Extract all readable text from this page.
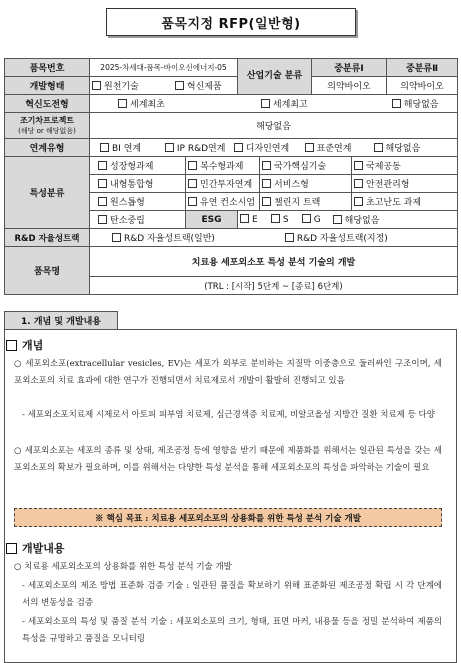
품목지정 RFP(일반형)
품목번호	2025-차세대-품목-바이오신에너지-05		산업기술 분류		중분류Ⅰ		중분류Ⅱ
개발형태	원천기술 혁신제품				의약바이오		의약바이오
혁신도전형	세계최초 세계최고 해당없음						
조기차프로젝트
(해당 or 해당없음)	해당없음						
연계유형	BI 연계 IP R&D연계 디자인연계 표준연계 해당없음						
특성분류	성장형과제	복수형과제		국가핵심기술		국제공동	
	내형통합형	민간투자연계		서비스형		안전관리형	
	원스톱형	유연 컨소시엄		챌린지 트랙		초고난도 과제	
	탄소중립	ESG	E S G 해당없음				
R&D 자율성트랙	R&D 자율성트랙(일반) R&D 자율성트랙(지정)						
품목명	치료용 세포외소포 특성 분석 기술의 개발						
	(TRL : [시작] 5단계 ~ [종료] 6단계)						
1. 개념 및 개발내용
개념
○ 세포외소포(extracellular vesicles, EV)는 세포가 외부로 분비하는 지질막 이중층으로 둘러싸인 구조이며, 세포외소포의 치료 효과에 대한 연구가 진행되면서 치료제로서 개발이 활발히 진행되고 있음
- 세포외소포치료제 시제로서 아토피 피부염 치료제, 심근경색증 치료제, 비알코올성 지방간 질환 치료제 등 다양
○ 세포외소포는 세포의 종류 및 상태, 제조공정 등에 영향을 받기 때문에 제품화를 위해서는 일관된 특성을 갖는 세포외소포의 확보가 필요하며, 이를 위해서는 다양한 특성 분석을 통해 세포외소포의 특성을 파악하는 기술이 필요
※ 핵심 목표 : 치료용 세포외소포의 상용화를 위한 특성 분석 기술 개발
개발내용
○ 치료용 세포외소포의 상용화를 위한 특성 분석 기술 개발
- 세포외소포의 제조 방법 표준화 검증 기술 : 일관된 품질을 확보하기 위해 표준화된 제조공정 확립 시 각 단계에서의 변동성을 검증
- 세포외소포의 특성 및 품질 분석 기술 : 세포외소포의 크기, 형태, 표면 마커, 내용물 등을 정밀 분석하여 제품의 특성을 규명하고 품질을 모니터링
